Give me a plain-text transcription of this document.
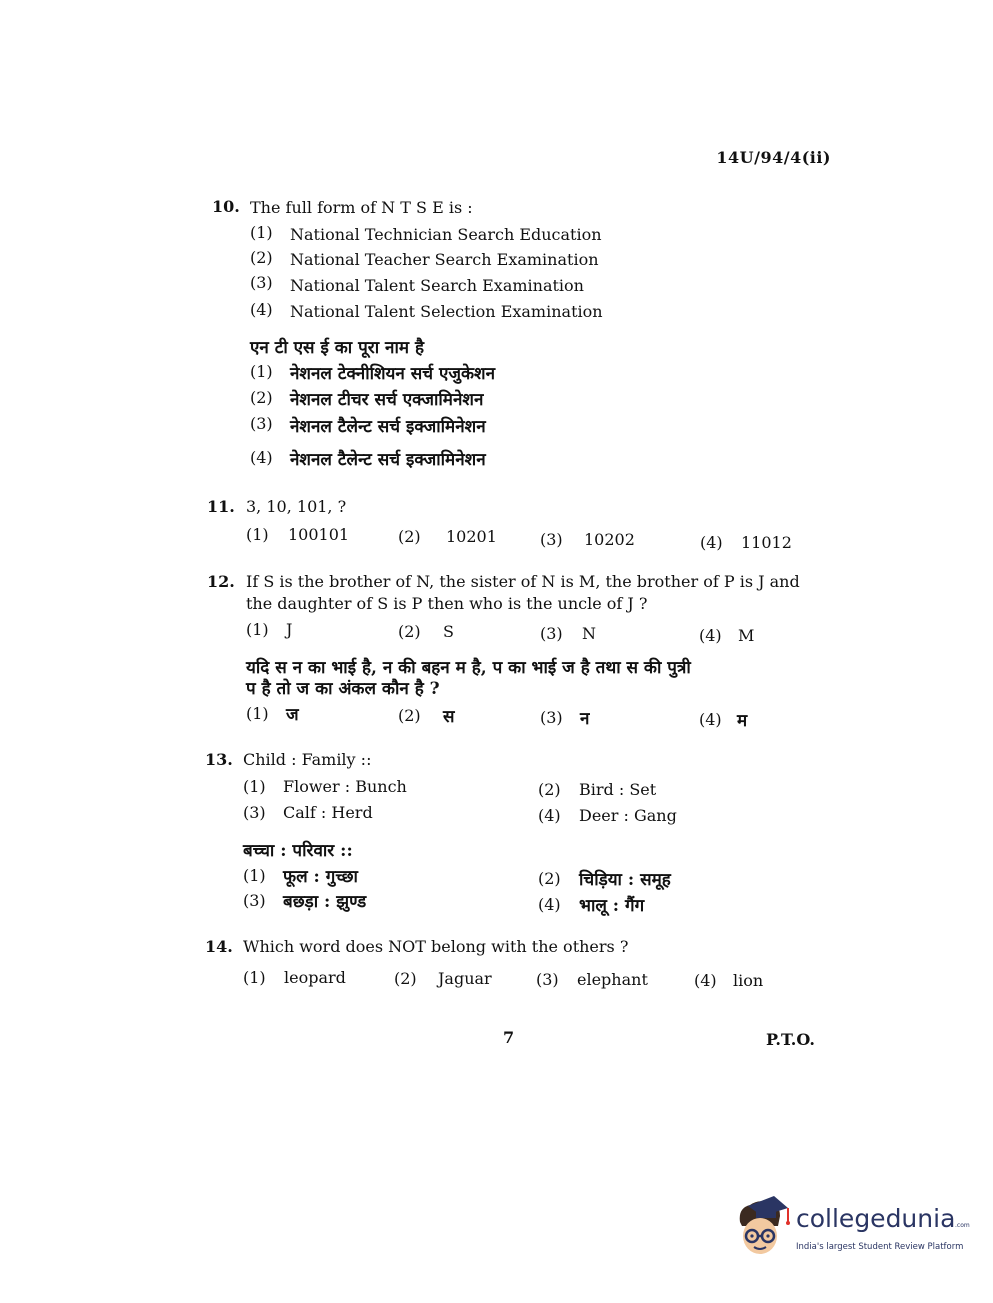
14U/94/4(ii)
10. The full form of N T S E is :
(1) National Technician Search Education
(2) National Teacher Search Examination
(3) National Talent Search Examination
(4) National Talent Selection Examination
एन टी एस ई का पूरा नाम है
(1) नेशनल टेक्नीशियन सर्च एजुकेशन
(2) नेशनल टीचर सर्च एक्जामिनेशन
(3) नेशनल टैलेन्ट सर्च इक्जामिनेशन
(4) नेशनल टैलेन्ट सर्च इक्जामिनेशन
11. 3, 10, 101, ?
(1) 100101	(2) 10201	(3) 10202	(4) 11012
12. If S is the brother of N, the sister of N is M, the brother of P is J and
the daughter of S is P then who is the uncle of J ?
(1) J	(2) S	(3) N	(4) M
यदि स न का भाई है, न की बहन म है, प का भाई ज है तथा स की पुत्री
प है तो ज का अंकल कौन है ?
(1) ज	(2) स	(3) न	(4) म
13. Child : Family ::
(1) Flower : Bunch	(2) Bird : Set
(3) Calf : Herd	(4) Deer : Gang
बच्चा : परिवार ::
(1) फूल : गुच्छा	(2) चिड़िया : समूह
(3) बछड़ा : झुण्ड	(4) भालू : गैंग
14. Which word does NOT belong with the others ?
(1) leopard	(2) Jaguar	(3) elephant	(4) lion
7	P.T.O.
collegedunia .com
India's largest Student Review Platform
